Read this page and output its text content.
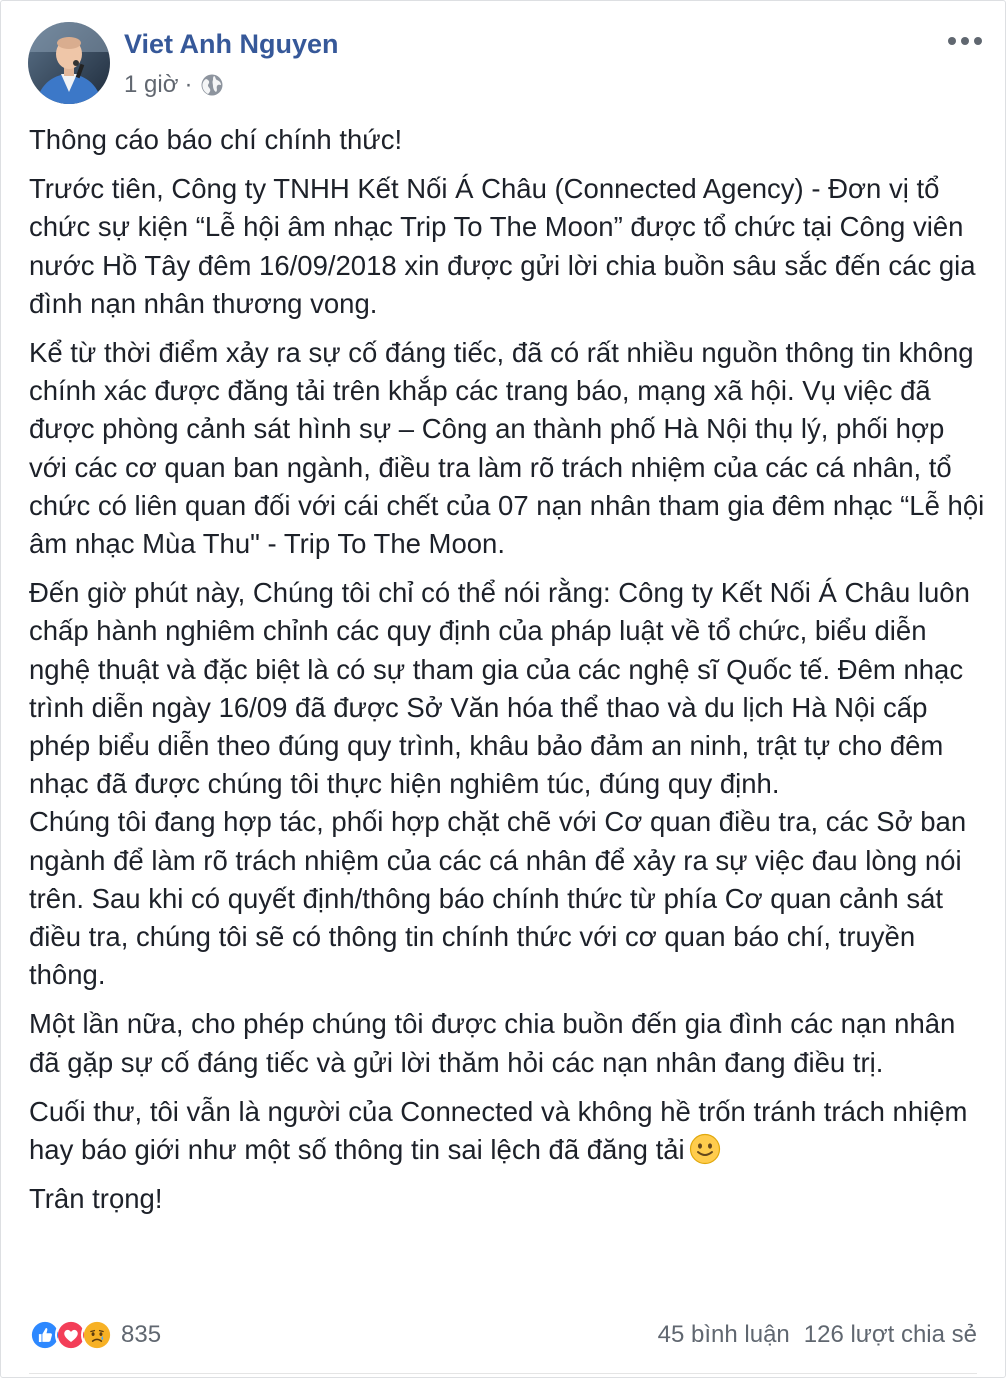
Viet Anh Nguyen
1 giờ ·

Thông cáo báo chí chính thức!

Trước tiên, Công ty TNHH Kết Nối Á Châu (Connected Agency) - Đơn vị tổ chức sự kiện “Lễ hội âm nhạc Trip To The Moon” được tổ chức tại Công viên nước Hồ Tây đêm 16/09/2018 xin được gửi lời chia buồn sâu sắc đến các gia đình nạn nhân thương vong.

Kể từ thời điểm xảy ra sự cố đáng tiếc, đã có rất nhiều nguồn thông tin không chính xác được đăng tải trên khắp các trang báo, mạng xã hội. Vụ việc đã được phòng cảnh sát hình sự – Công an thành phố Hà Nội thụ lý, phối hợp với các cơ quan ban ngành, điều tra làm rõ trách nhiệm của các cá nhân, tổ chức có liên quan đối với cái chết của 07 nạn nhân tham gia đêm nhạc “Lễ hội âm nhạc Mùa Thu" - Trip To The Moon.

Đến giờ phút này, Chúng tôi chỉ có thể nói rằng: Công ty Kết Nối Á Châu luôn chấp hành nghiêm chỉnh các quy định của pháp luật về tổ chức, biểu diễn nghệ thuật và đặc biệt là có sự tham gia của các nghệ sĩ Quốc tế. Đêm nhạc trình diễn ngày 16/09 đã được Sở Văn hóa thể thao và du lịch Hà Nội cấp phép biểu diễn theo đúng quy trình, khâu bảo đảm an ninh, trật tự cho đêm nhạc đã được chúng tôi thực hiện nghiêm túc, đúng quy định.

Chúng tôi đang hợp tác, phối hợp chặt chẽ với Cơ quan điều tra, các Sở ban ngành để làm rõ trách nhiệm của các cá nhân để xảy ra sự việc đau lòng nói trên. Sau khi có quyết định/thông báo chính thức từ phía Cơ quan cảnh sát điều tra, chúng tôi sẽ có thông tin chính thức với cơ quan báo chí, truyền thông.

Một lần nữa, cho phép chúng tôi được chia buồn đến gia đình các nạn nhân đã gặp sự cố đáng tiếc và gửi lời thăm hỏi các nạn nhân đang điều trị.

Cuối thư, tôi vẫn là người của Connected và không hề trốn tránh trách nhiệm hay báo giới như một số thông tin sai lệch đã đăng tải

Trân trọng!

835	45 bình luận 126 lượt chia sẻ
